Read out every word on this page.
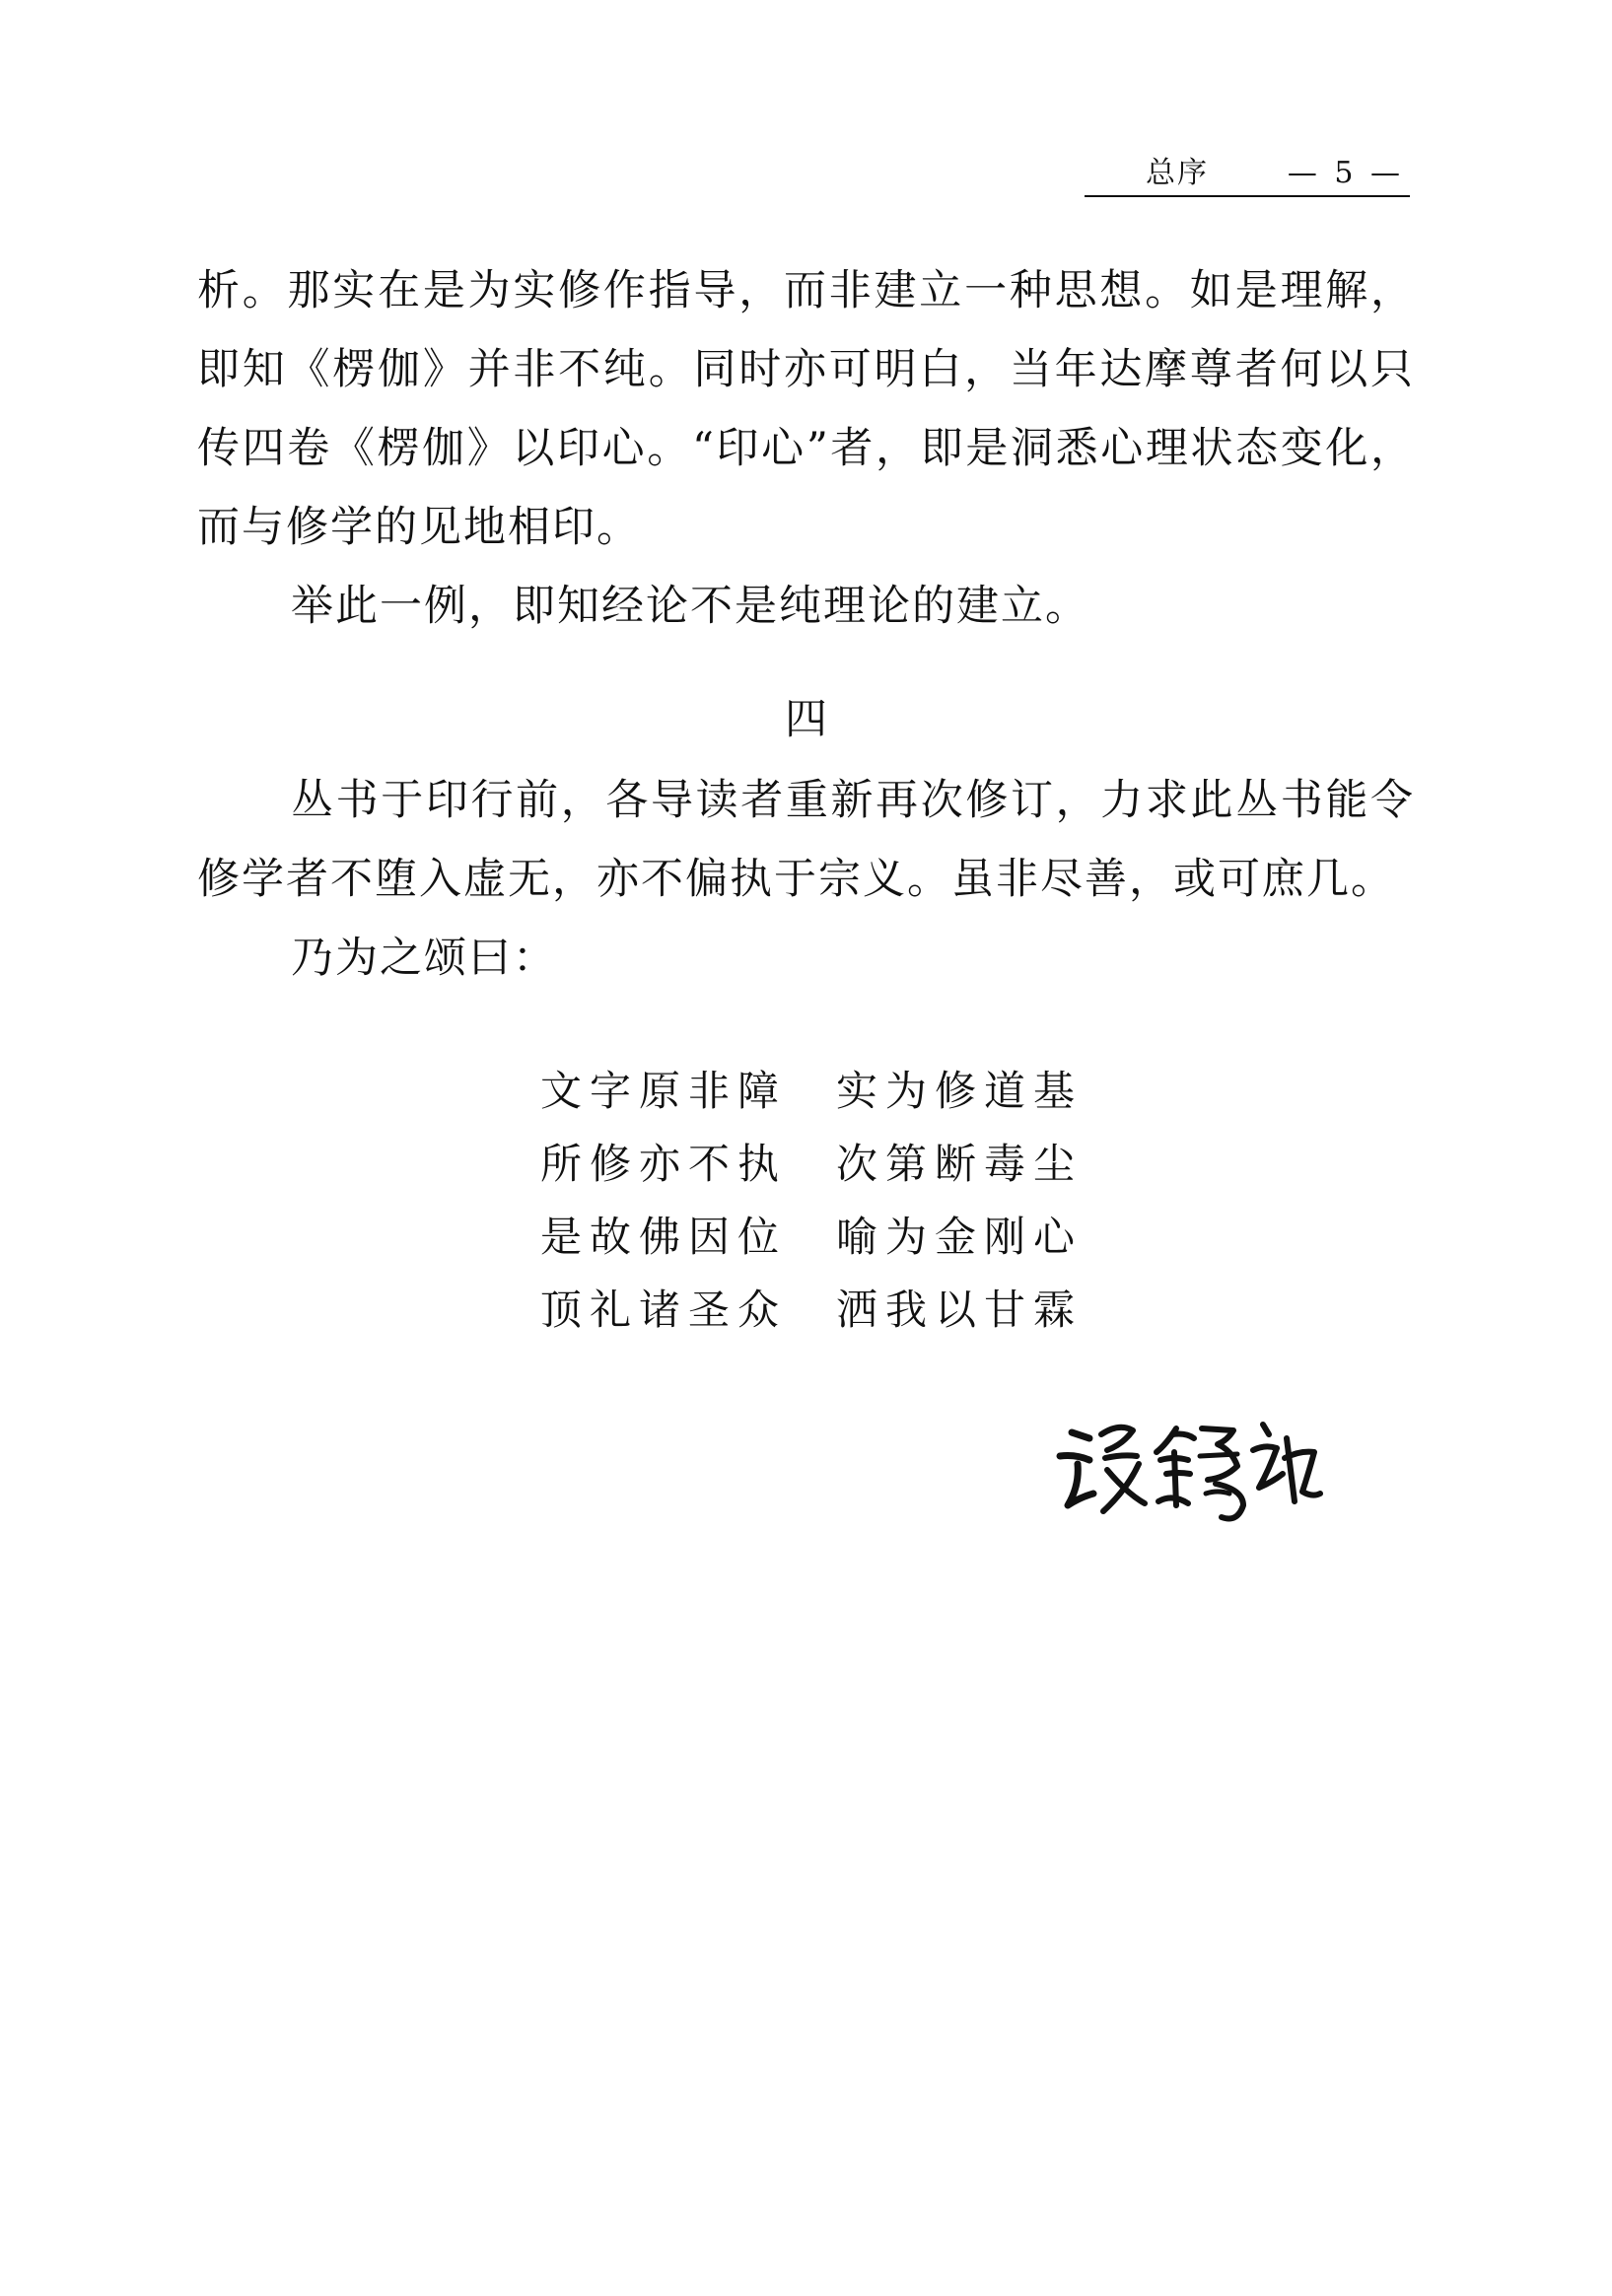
总序	— 5 —

析。那实在是为实修作指导，而非建立一种思想。如是理解，即知《楞伽》并非不纯。同时亦可明白，当年达摩尊者何以只传四卷《楞伽》以印心。“印心”者，即是洞悉心理状态变化，而与修学的见地相印。

举此一例，即知经论不是纯理论的建立。

四

丛书于印行前，各导读者重新再次修订，力求此丛书能令修学者不堕入虚无，亦不偏执于宗义。虽非尽善，或可庶几。

乃为之颂曰：

文字原非障 实为修道基
所修亦不执 次第断毒尘
是故佛因位 喻为金刚心
顶礼诸圣众 洒我以甘霖
